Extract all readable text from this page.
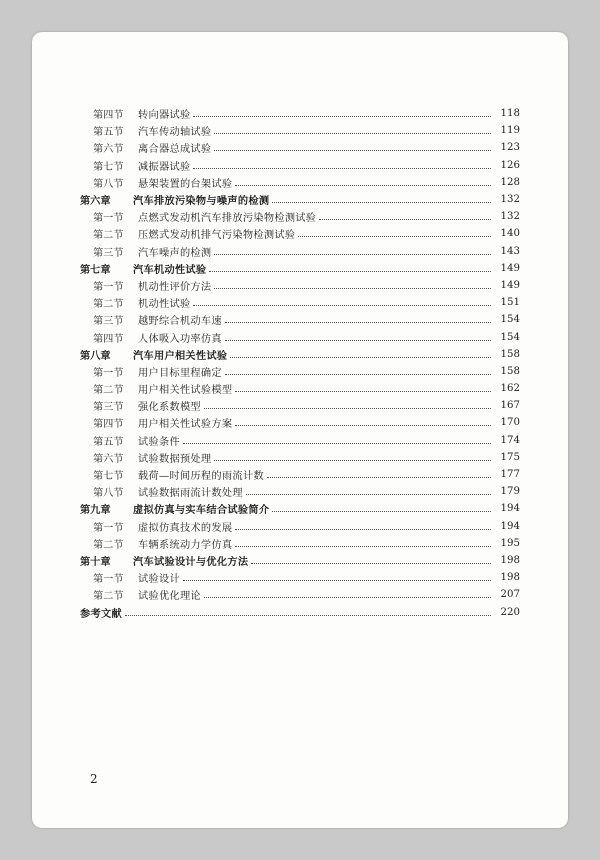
第四节	转向器试验	118
第五节	汽车传动轴试验	119
第六节	离合器总成试验	123
第七节	减振器试验	126
第八节	悬架装置的台架试验	128
第六章	汽车排放污染物与噪声的检测	132
第一节	点燃式发动机汽车排放污染物检测试验	132
第二节	压燃式发动机排气污染物检测试验	140
第三节	汽车噪声的检测	143
第七章	汽车机动性试验	149
第一节	机动性评价方法	149
第二节	机动性试验	151
第三节	越野综合机动车速	154
第四节	人体吸入功率仿真	154
第八章	汽车用户相关性试验	158
第一节	用户目标里程确定	158
第二节	用户相关性试验模型	162
第三节	强化系数模型	167
第四节	用户相关性试验方案	170
第五节	试验条件	174
第六节	试验数据预处理	175
第七节	载荷—时间历程的雨流计数	177
第八节	试验数据雨流计数处理	179
第九章	虚拟仿真与实车结合试验简介	194
第一节	虚拟仿真技术的发展	194
第二节	车辆系统动力学仿真	195
第十章	汽车试验设计与优化方法	198
第一节	试验设计	198
第二节	试验优化理论	207
参考文献	220
2
